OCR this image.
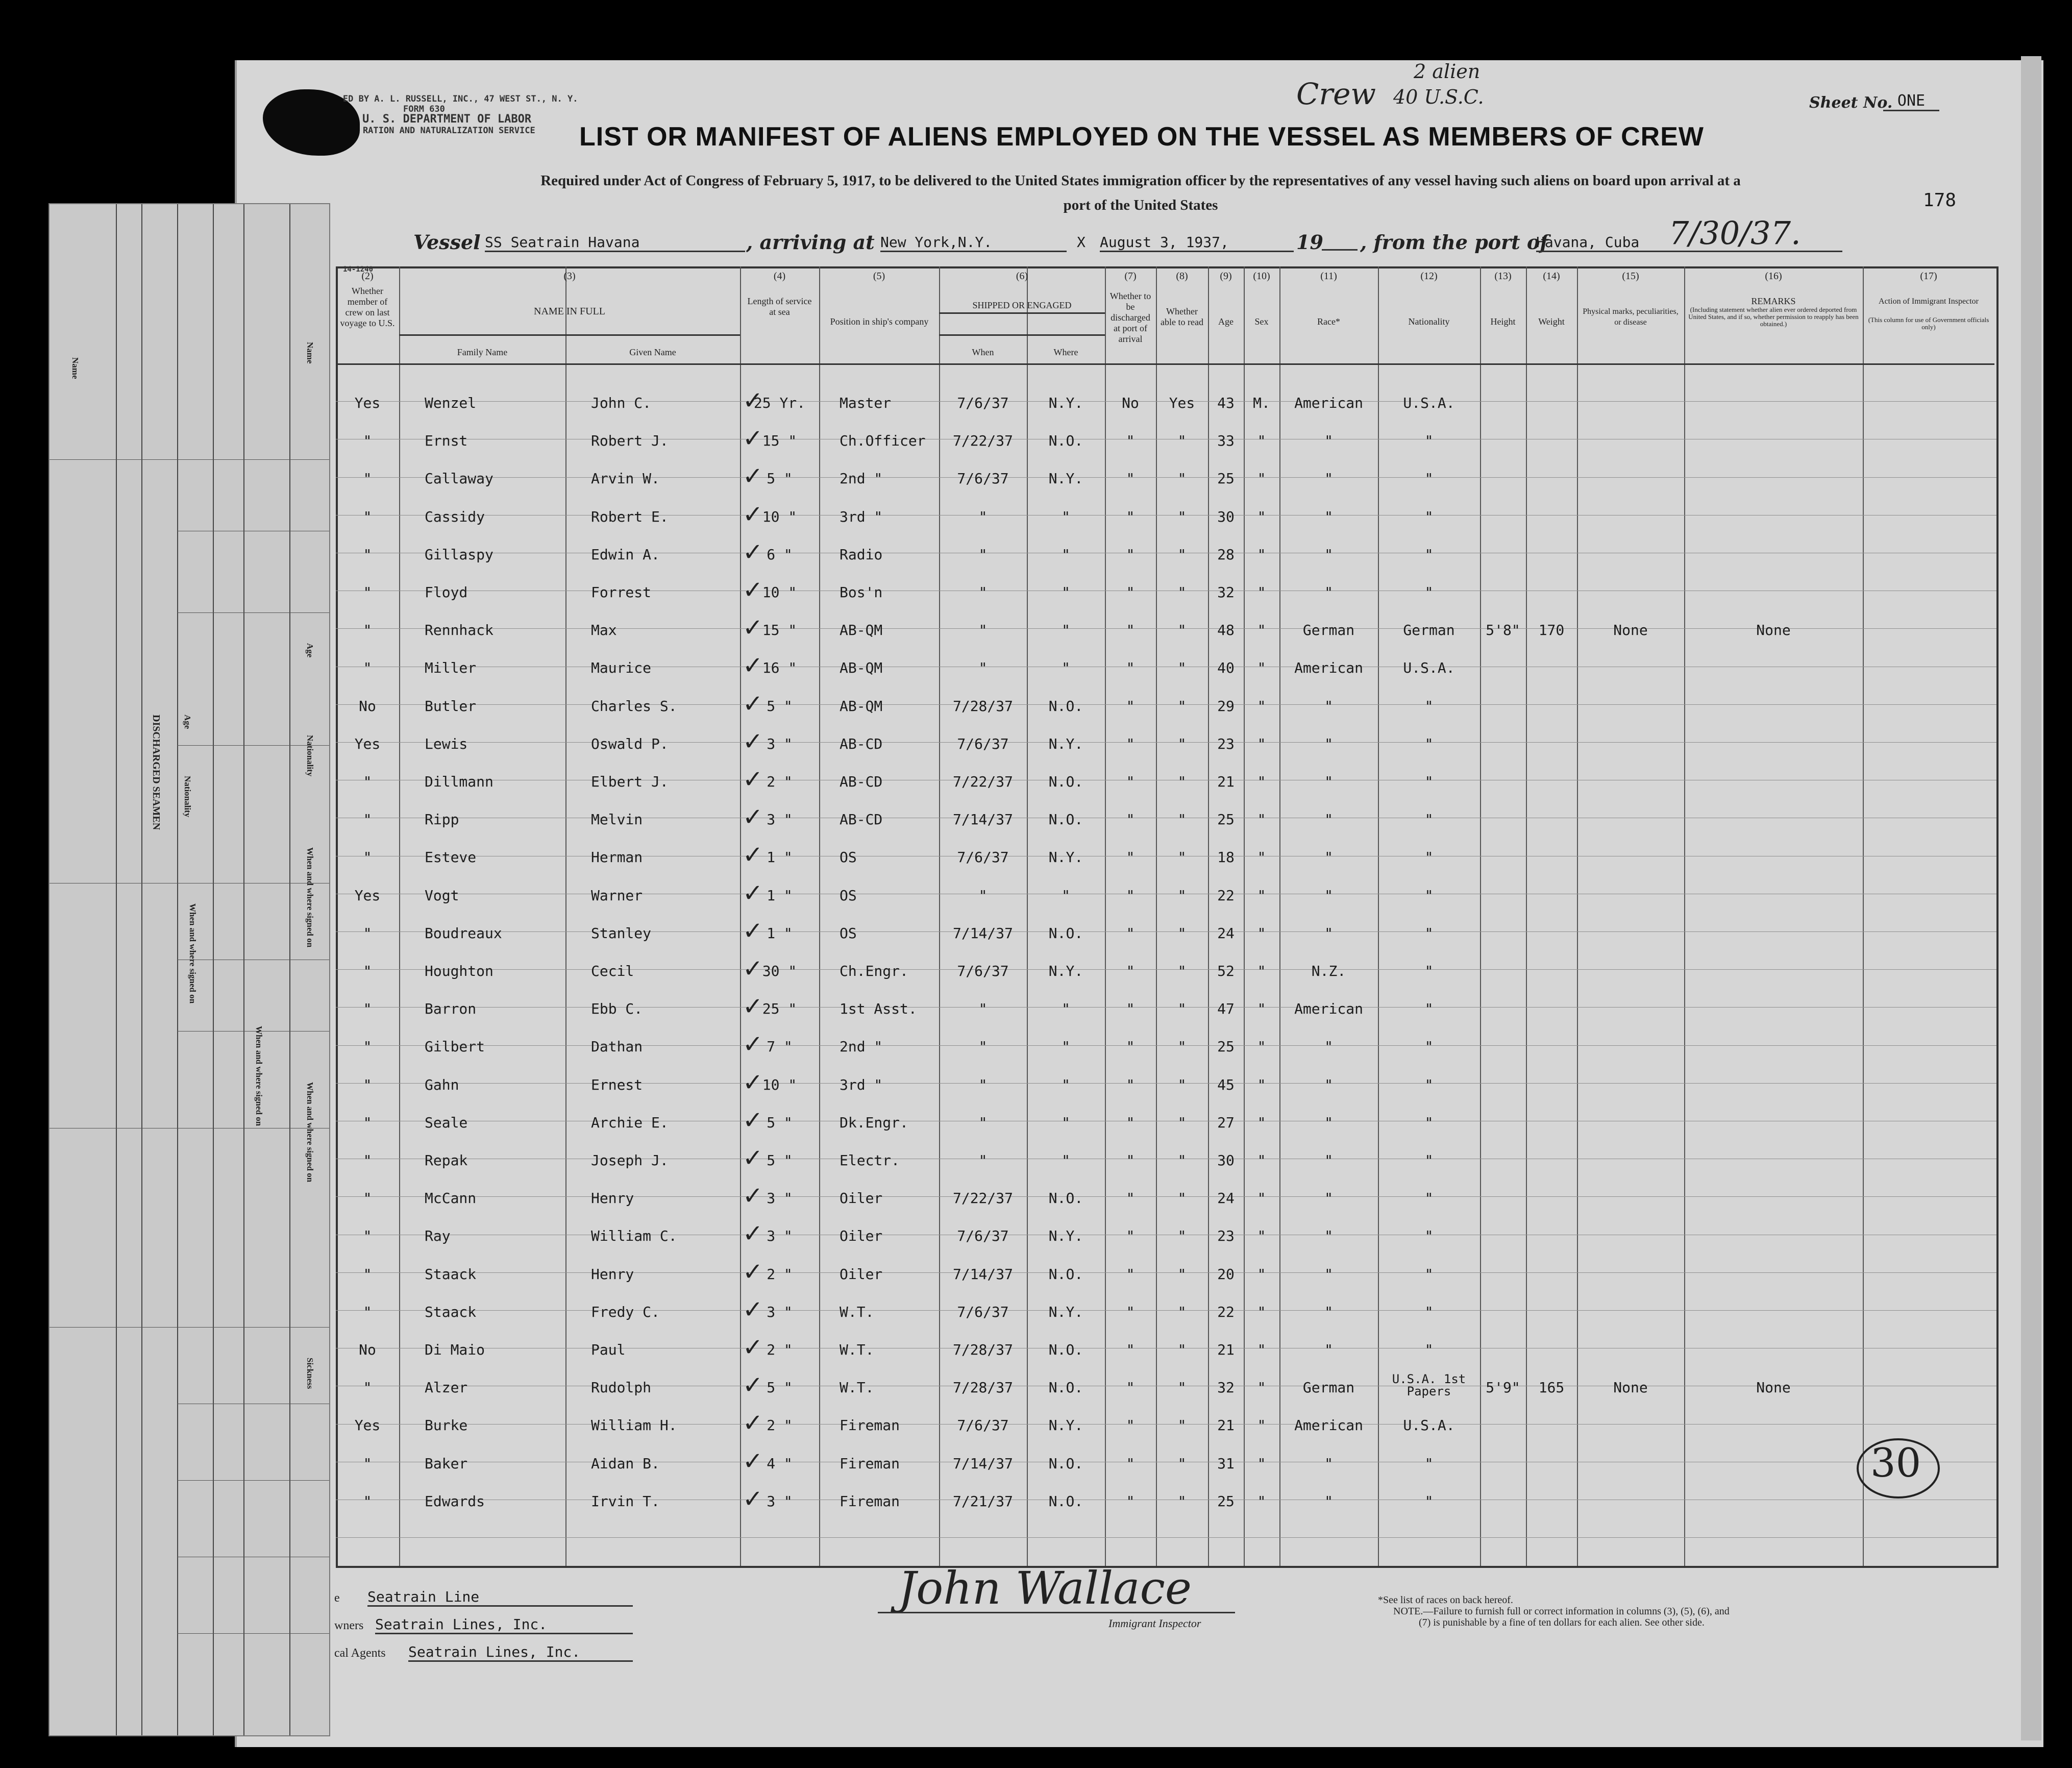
ED BY A. L. RUSSELL, INC., 47 WEST ST., N. Y.
FORM 630
U. S. DEPARTMENT OF LABOR
RATION AND NATURALIZATION SERVICE
Crew
2 alien
40 U.S.C.	Sheet No. ONE
LIST OR MANIFEST OF ALIENS EMPLOYED ON THE VESSEL AS MEMBERS OF CREW
Required under Act of Congress of February 5, 1917, to be delivered to the United States immigration officer by the representatives of any vessel having such aliens on board upon arrival at a
port of the United States	178
Vessel SS Seatrain Havana	, arriving at New York,N.Y.	X August 3, 1937,	19 , from the port of
Havana, Cuba 7/30/37.
14-1240
(2)	(3)	(4)	(5)	(6)	(7)	(8)	(9)	(10)	(11)	(12)	(13)	(14)	(15)	(16)	(17)
Whether member of crew on last voyage to U.S.
NAME IN FULL
Family Name	Given Name
Length of service at sea
Position in ship's company
SHIPPED OR ENGAGED
When	Where
Whether to be discharged at port of arrival
Whether able to read	Age	Sex	Race*	Nationality	Height	Weight
Physical marks, peculiarities, or disease
REMARKS
(Including statement whether alien ever ordered deported from United States, and if so, whether permission to reapply has been obtained.)
Action of Immigrant Inspector
(This column for use of Government officials only)
Yes	Wenzel	John C.	25 Yr.	Master	7/6/37	N.Y.	No	Yes	43	M.	American	U.S.A.
✓
"	Ernst	Robert J.	15 "	Ch.Officer	7/22/37	N.O.	"	"	33	"	"	"
✓
"	Callaway	Arvin W.	5 "	2nd "	7/6/37	N.Y.	"	"	25	"	"	"
✓
"	Cassidy	Robert E.	10 "	3rd "	"	"	"	"	30	"	"	"
✓
"	Gillaspy	Edwin A.	6 "	Radio	"	"	"	"	28	"	"	"
✓
"	Floyd	Forrest	10 "	Bos'n	"	"	"	"	32	"	"	"
✓
"	Rennhack	Max	15 "	AB-QM	"	"	"	"	48	"	German	German	5'8"	170	None	None
✓
"	Miller	Maurice	16 "	AB-QM	"	"	"	"	40	"	American	U.S.A.
✓
No	Butler	Charles S.	5 "	AB-QM	7/28/37	N.O.	"	"	29	"	"	"
✓
Yes	Lewis	Oswald P.	3 "	AB-CD	7/6/37	N.Y.	"	"	23	"	"	"
✓
"	Dillmann	Elbert J.	2 "	AB-CD	7/22/37	N.O.	"	"	21	"	"	"
✓
"	Ripp	Melvin	3 "	AB-CD	7/14/37	N.O.	"	"	25	"	"	"
✓
"	Esteve	Herman	1 "	OS	7/6/37	N.Y.	"	"	18	"	"	"
✓
Yes	Vogt	Warner	1 "	OS	"	"	"	"	22	"	"	"
✓
"	Boudreaux	Stanley	1 "	OS	7/14/37	N.O.	"	"	24	"	"	"
✓
"	Houghton	Cecil	30 "	Ch.Engr.	7/6/37	N.Y.	"	"	52	"	N.Z.	"
✓
"	Barron	Ebb C.	25 "	1st Asst.	"	"	"	"	47	"	American	"
✓
"	Gilbert	Dathan	7 "	2nd "	"	"	"	"	25	"	"	"
✓
"	Gahn	Ernest	10 "	3rd "	"	"	"	"	45	"	"	"
✓
"	Seale	Archie E.	5 "	Dk.Engr.	"	"	"	"	27	"	"	"
✓
"	Repak	Joseph J.	5 "	Electr.	"	"	"	"	30	"	"	"
✓
"	McCann	Henry	3 "	Oiler	7/22/37	N.O.	"	"	24	"	"	"
✓
"	Ray	William C.	3 "	Oiler	7/6/37	N.Y.	"	"	23	"	"	"
✓
"	Staack	Henry	2 "	Oiler	7/14/37	N.O.	"	"	20	"	"	"
✓
"	Staack	Fredy C.	3 "	W.T.	7/6/37	N.Y.	"	"	22	"	"	"
✓
No	Di Maio	Paul	2 "	W.T.	7/28/37	N.O.	"	"	21	"	"	"
✓
"	Alzer	Rudolph	5 "	W.T.	7/28/37	N.O.	"	"	32	"	German	U.S.A. 1st Papers	5'9"	165	None	None
✓
Yes	Burke	William H.	2 "	Fireman	7/6/37	N.Y.	"	"	21	"	American	U.S.A.
✓
"	Baker	Aidan B.	4 "	Fireman	7/14/37	N.O.	"	"	31	"	"	"
✓
"	Edwards	Irvin T.	3 "	Fireman	7/21/37	N.O.	"	"	25	"	"	"
✓
30
e Seatrain Line
wners Seatrain Lines, Inc.
cal Agents Seatrain Lines, Inc.
John Wallace
Immigrant Inspector
*See list of races on back hereof.
NOTE.—Failure to furnish full or correct information in columns (3), (5), (6), and
(7) is punishable by a fine of ten dollars for each alien. See other side.
DISCHARGED SEAMEN
Name
Age
Nationality
When and where signed on
When and where signed on
Name
Age
Nationality
When and where signed on
When and where signed on
Sickness
